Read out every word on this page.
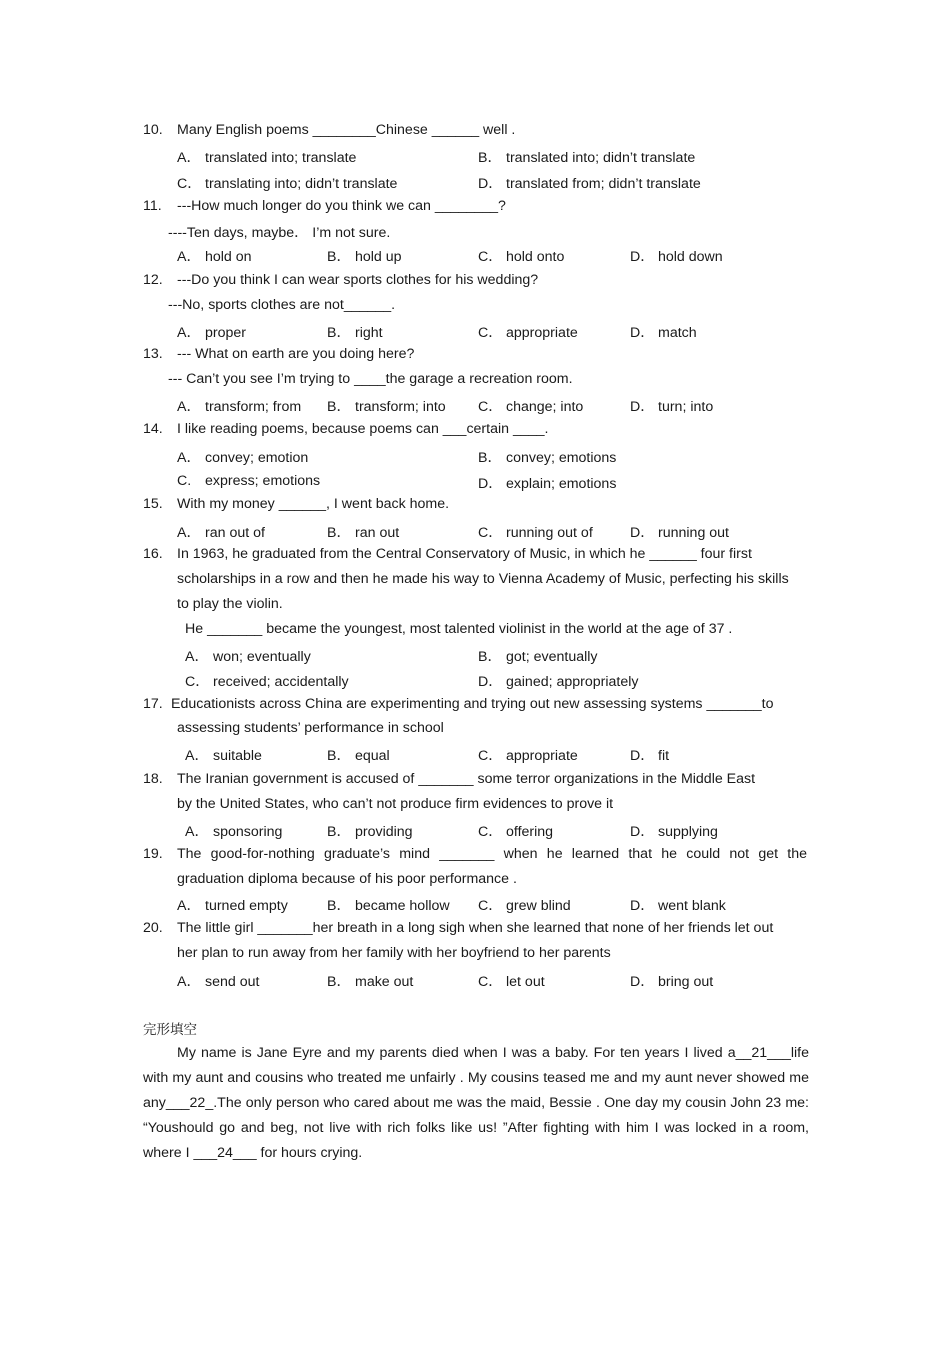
10. Many English poems ________Chinese ______ well .
A． translated into; translate	B． translated into; didn’t translate
C． translating into; didn’t translate	D． translated from; didn’t translate
11. ---How much longer do you think we can ________?
----Ten days, maybe． I’m not sure.
A． hold on	B． hold up	C． hold onto	D． hold down
12. ---Do you think I can wear sports clothes for his wedding?
---No, sports clothes are not______.
A． proper	B． right	C． appropriate	D． match
13. --- What on earth are you doing here?
--- Can’t you see I’m trying to ____the garage a recreation room.
A． transform; from B． transform; into C． change; into	D． turn; into
14. I like reading poems, because poems can ___certain ____.
A． convey; emotion	B． convey; emotions
C. express; emotions	D． explain; emotions
15. With my money ______, I went back home.
A． ran out of	B． ran out	C． running out of	D． running out
16. In 1963, he graduated from the Central Conservatory of Music, in which he ______ four first scholarships in a row and then he made his way to Vienna Academy of Music, perfecting his skills to play the violin.
He _______ became the youngest, most talented violinist in the world at the age of 37 .
A． won; eventually	B． got; eventually
C． received; accidentally	D． gained; appropriately
17. Educationists across China are experimenting and trying out new assessing systems _______to
assessing students’ performance in school
A． suitable	B． equal	C． appropriate	D． fit
18. The Iranian government is accused of _______ some terror organizations in the Middle East
by the United States, who can’t not produce firm evidences to prove it
A． sponsoring	B． providing	C． offering	D． supplying
19. The good-for-nothing graduate’s mind _______ when he learned that he could not get the graduation diploma because of his poor performance .
A． turned empty	B． became hollow C． grew blind	D． went blank
20. The little girl _______her breath in a long sigh when she learned that none of her friends let out her plan to run away from her family with her boyfriend to her parents
A． send out	B． make out	C． let out	D． bring out
完形填空

My name is Jane Eyre and my parents died when I was a baby. For ten years I lived a__21___life with my aunt and cousins who treated me unfairly . My cousins teased me and my aunt never showed me any___22_.The only person who cared about me was the maid, Bessie . One day my cousin John 23 me: “Youshould go and beg, not live with rich folks like us! ”After fighting with him I was locked in a room, where I ___24___ for hours crying.
